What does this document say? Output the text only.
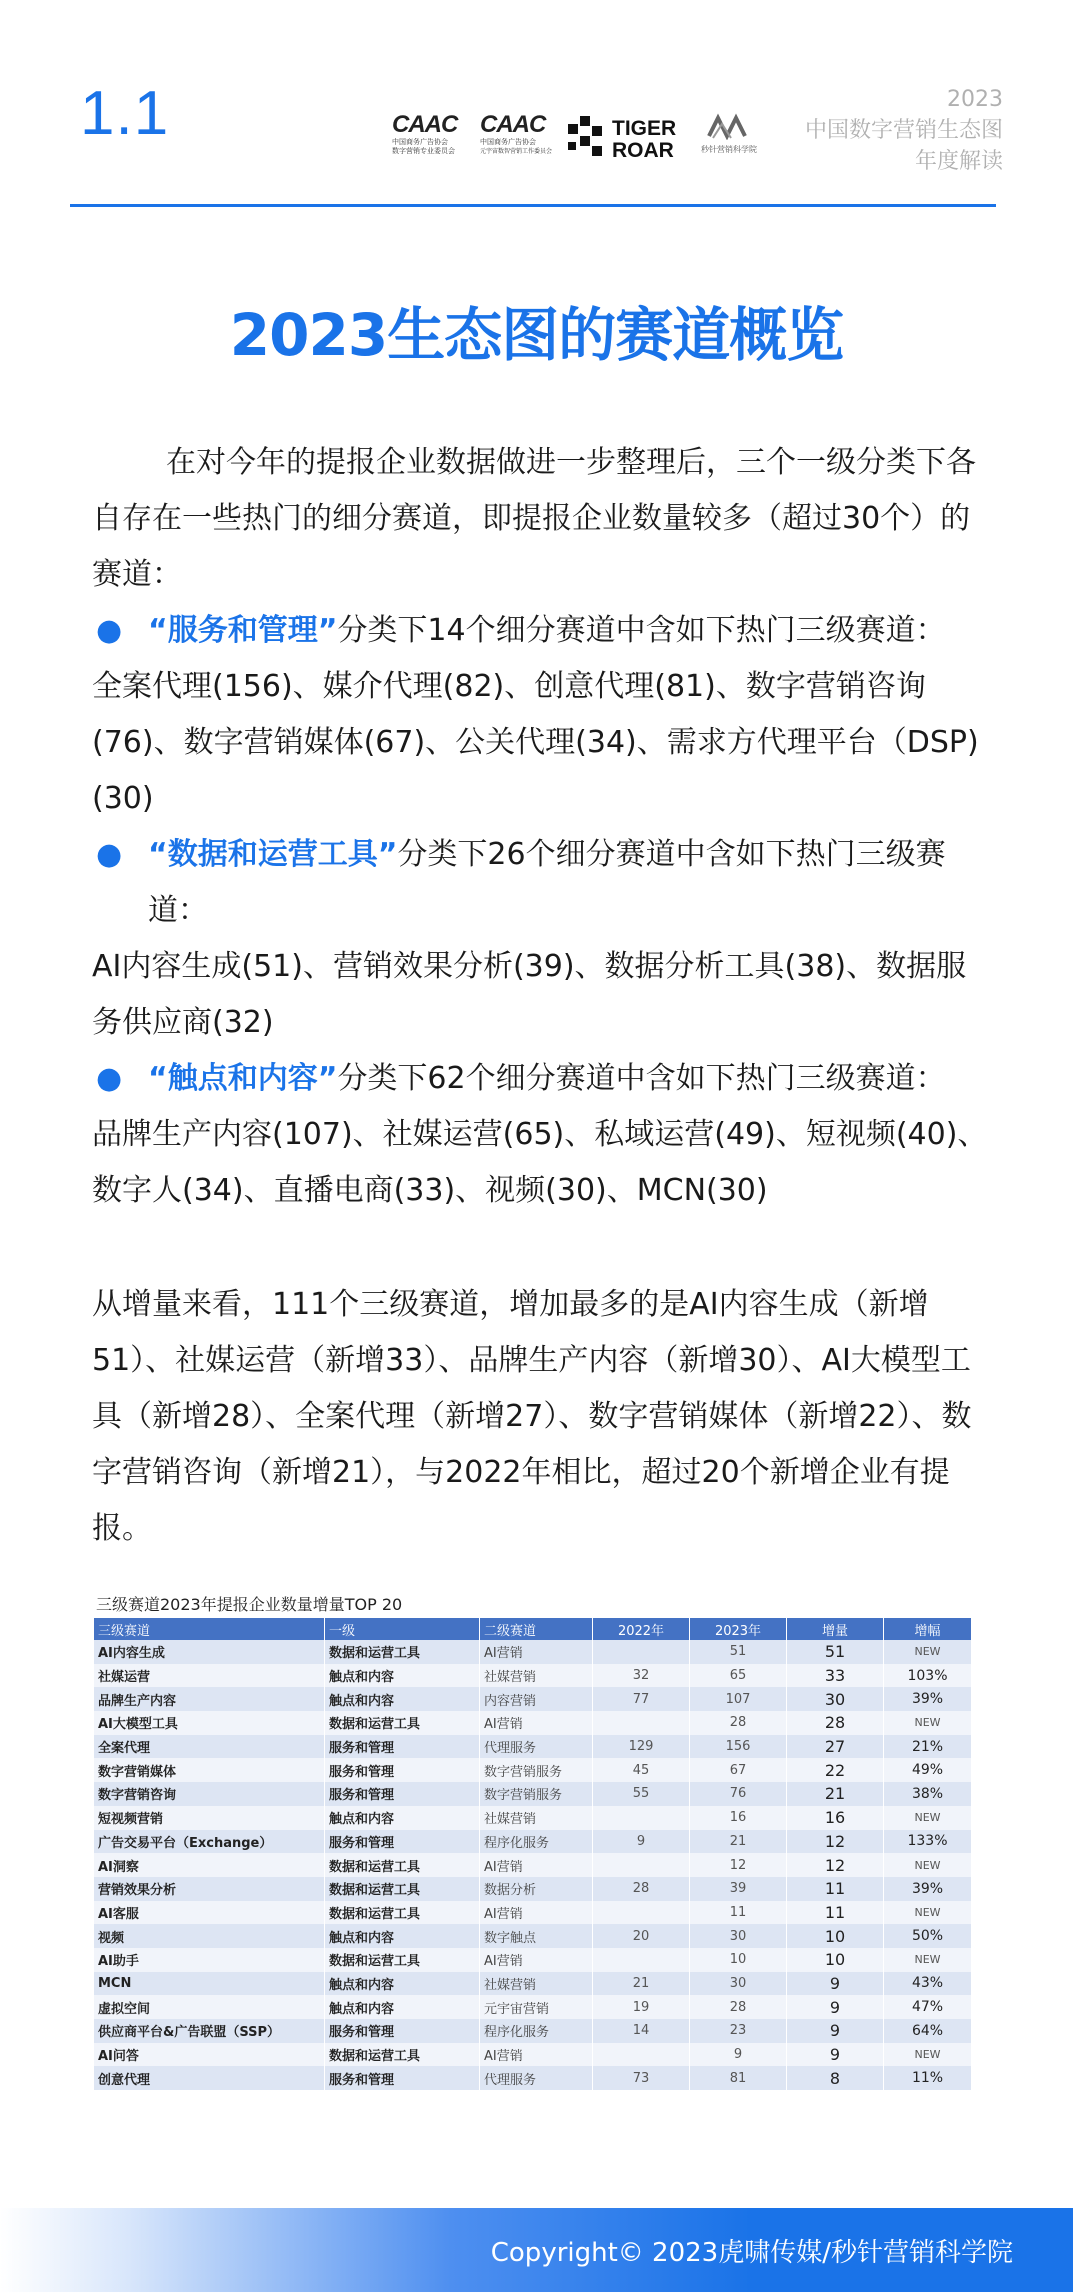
1.1	CAAC
中国商务广告协会
数字营销专业委员会
CAAC
中国商务广告协会
元宇宙数智营销工作委员会
TIGER
ROAR	秒针营销科学院
2023
中国数字营销生态图
年度解读
2023生态图的赛道概览

在对今年的提报企业数据做进一步整理后，三个一级分类下各自存在一些热门的细分赛道，即提报企业数量较多（超过30个）的赛道：

● “服务和管理”分类下14个细分赛道中含如下热门三级赛道：

全案代理(156)、媒介代理(82)、创意代理(81)、数字营销咨询(76)、数字营销媒体(67)、公关代理(34)、需求方代理平台（DSP)(30)

● “数据和运营工具”分类下26个细分赛道中含如下热门三级赛道：

AI内容生成(51)、营销效果分析(39)、数据分析工具(38)、数据服务供应商(32)

● “触点和内容”分类下62个细分赛道中含如下热门三级赛道：

品牌生产内容(107)、社媒运营(65)、私域运营(49)、短视频(40)、数字人(34)、直播电商(33)、视频(30)、MCN(30)

从增量来看，111个三级赛道，增加最多的是AI内容生成（新增51）、社媒运营（新增33）、品牌生产内容（新增30）、AI大模型工具（新增28）、全案代理（新增27）、数字营销媒体（新增22）、数字营销咨询（新增21），与2022年相比，超过20个新增企业有提报。

三级赛道2023年提报企业数量增量TOP 20
三级赛道	一级	二级赛道	2022年	2023年	增量	增幅
AI内容生成	数据和运营工具	AI营销		51	51	NEW
社媒运营	触点和内容	社媒营销	32	65	33	103%
品牌生产内容	触点和内容	内容营销	77	107	30	39%
AI大模型工具	数据和运营工具	AI营销		28	28	NEW
全案代理	服务和管理	代理服务	129	156	27	21%
数字营销媒体	服务和管理	数字营销服务	45	67	22	49%
数字营销咨询	服务和管理	数字营销服务	55	76	21	38%
短视频营销	触点和内容	社媒营销		16	16	NEW
广告交易平台（Exchange）	服务和管理	程序化服务	9	21	12	133%
AI洞察	数据和运营工具	AI营销		12	12	NEW
营销效果分析	数据和运营工具	数据分析	28	39	11	39%
AI客服	数据和运营工具	AI营销		11	11	NEW
视频	触点和内容	数字触点	20	30	10	50%
AI助手	数据和运营工具	AI营销		10	10	NEW
MCN	触点和内容	社媒营销	21	30	9	43%
虚拟空间	触点和内容	元宇宙营销	19	28	9	47%
供应商平台&广告联盟（SSP）	服务和管理	程序化服务	14	23	9	64%
AI问答	数据和运营工具	AI营销		9	9	NEW
创意代理	服务和管理	代理服务	73	81	8	11%
Copyright© 2023虎啸传媒/秒针营销科学院
